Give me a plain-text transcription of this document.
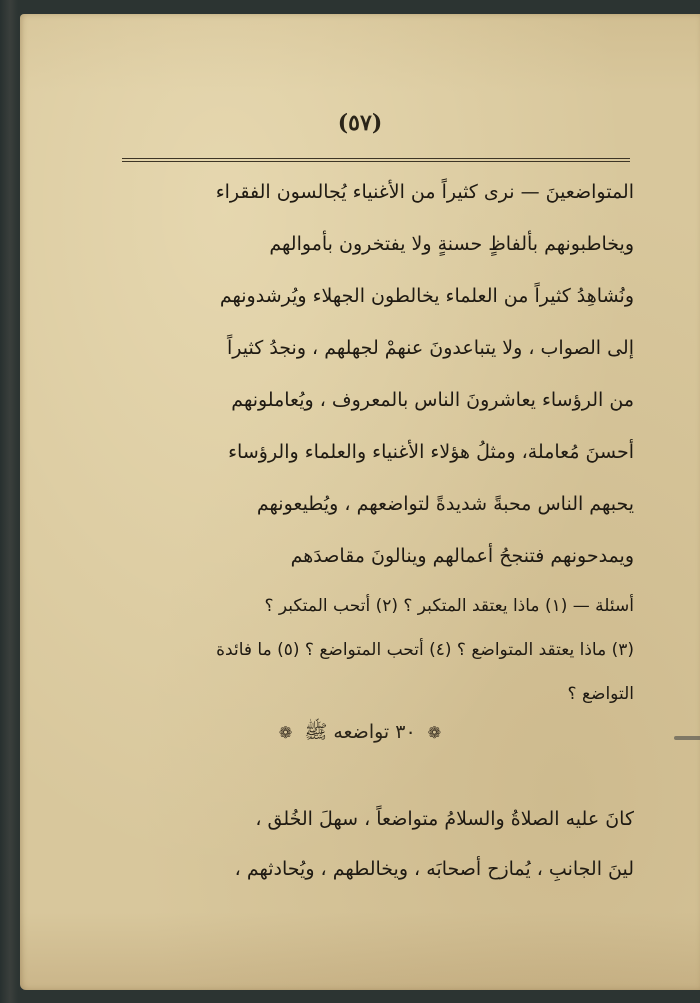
(٥٧)
المتواضعينَ — نرى كثيراً من الأغنياء يُجالسون الفقراء
ويخاطبونهم بألفاظٍ حسنةٍ ولا يفتخرون بأموالهم
ونُشاهِدُ كثيراً من العلماء يخالطون الجهلاء ويُرشدونهم
إلى الصواب ، ولا يتباعدونَ عنهمْ لجهلهم ، ونجدُ كثيراً
من الرؤساء يعاشرونَ الناس بالمعروف ، ويُعاملونهم
أحسنَ مُعاملة، ومثلُ هؤلاء الأغنياء والعلماء والرؤساء
يحبهم الناس محبةً شديدةً لتواضعهم ، ويُطيعونهم
ويمدحونهم فتنجحُ أعمالهم وينالونَ مقاصدَهم
أسئلة — (١) ماذا يعتقد المتكبر ؟ (٢) أتحب المتكبر ؟
(٣) ماذا يعتقد المتواضع ؟ (٤) أتحب المتواضع ؟ (٥) ما فائدة
التواضع ؟
❁ ٣٠ تواضعه ﷺ ❁
كانَ عليه الصلاةُ والسلامُ متواضعاً ، سهلَ الخُلق ،
لينَ الجانبِ ، يُمازح أصحابَه ، ويخالطهم ، ويُحادثهم ،
